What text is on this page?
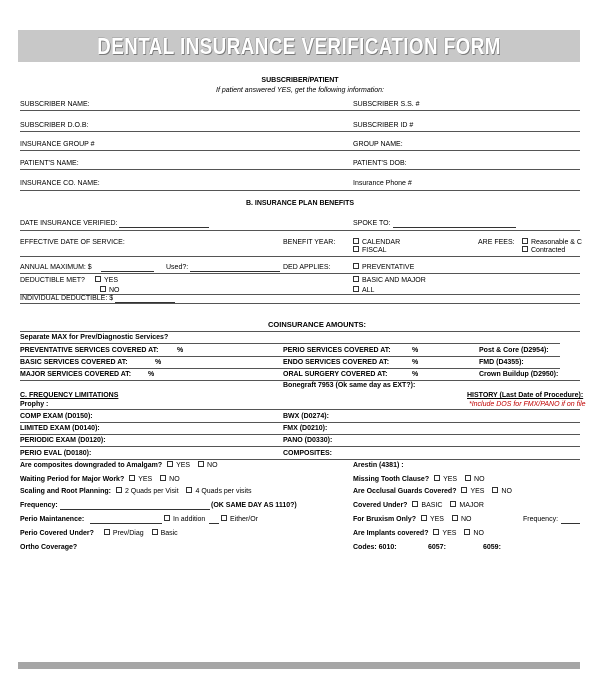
DENTAL INSURANCE VERIFICATION FORM
SUBSCRIBER/PATIENT
If patient answered YES, get the following information:
SUBSCRIBER NAME:	SUBSCRIBER S.S. #
SUBSCRIBER D.O.B:	SUBSCRIBER ID #
INSURANCE GROUP #	GROUP NAME:
PATIENT'S NAME:	PATIENT'S DOB:
INSURANCE CO. NAME:	Insurance Phone #
B. INSURANCE PLAN BENEFITS
DATE INSURANCE VERIFIED:	SPOKE TO:
EFFECTIVE DATE OF SERVICE:	BENEFIT YEAR:	CALENDAR
FISCAL
ARE FEES:	Reasonable & C
Contracted
ANNUAL MAXIMUM: $	Used?:	DED APPLIES:	PREVENTATIVE
DEDUCTIBLE MET?	YES
NO
BASIC AND MAJOR
ALL
INDIVIDUAL DEDUCTIBLE: $
COINSURANCE AMOUNTS:
Separate MAX for Prev/Diagnostic Services?
PREVENTATIVE SERVICES COVERED AT:	%	PERIO SERVICES COVERED AT:	%	Post & Core (D2954):
BASIC SERVICES COVERED AT:	%	ENDO SERVICES COVERED AT:	%	FMD (D4355):
MAJOR SERVICES COVERED AT: %	ORAL SURGERY COVERED AT:	%	Crown Buildup (D2950):
Bonegraft 7953 (Ok same day as EXT?):
C. FREQUENCY LIMITATIONS	HISTORY (Last Date of Procedure):
Prophy :	*Include DOS for FMX/PANO if on file
COMP EXAM (D0150):	BWX (D0274):
LIMITED EXAM (D0140):	FMX (D0210):
PERIODIC EXAM (D0120):	PANO (D0330):
PERIO EVAL (D0180):	COMPOSITES:
Are composites downgraded to Amalgam? YES NO	Arestin (4381) :
Waiting Period for Major Work? YES NO	Missing Tooth Clause? YES NO
Scaling and Root Planning: 2 Quads per Visit 4 Quads per visits	Are Occlusal Guards Covered? YES NO
Frequency:	(OK SAME DAY AS 1110?)	Covered Under? BASIC MAJOR
Perio Maintanence:	In addition	Either/Or	For Bruxism Only? YES NO	Frequency:
Perio Covered Under?	Prev/Diag Basic	Are Implants covered? YES NO
Ortho Coverage?	Codes: 6010:	6057:	6059:
